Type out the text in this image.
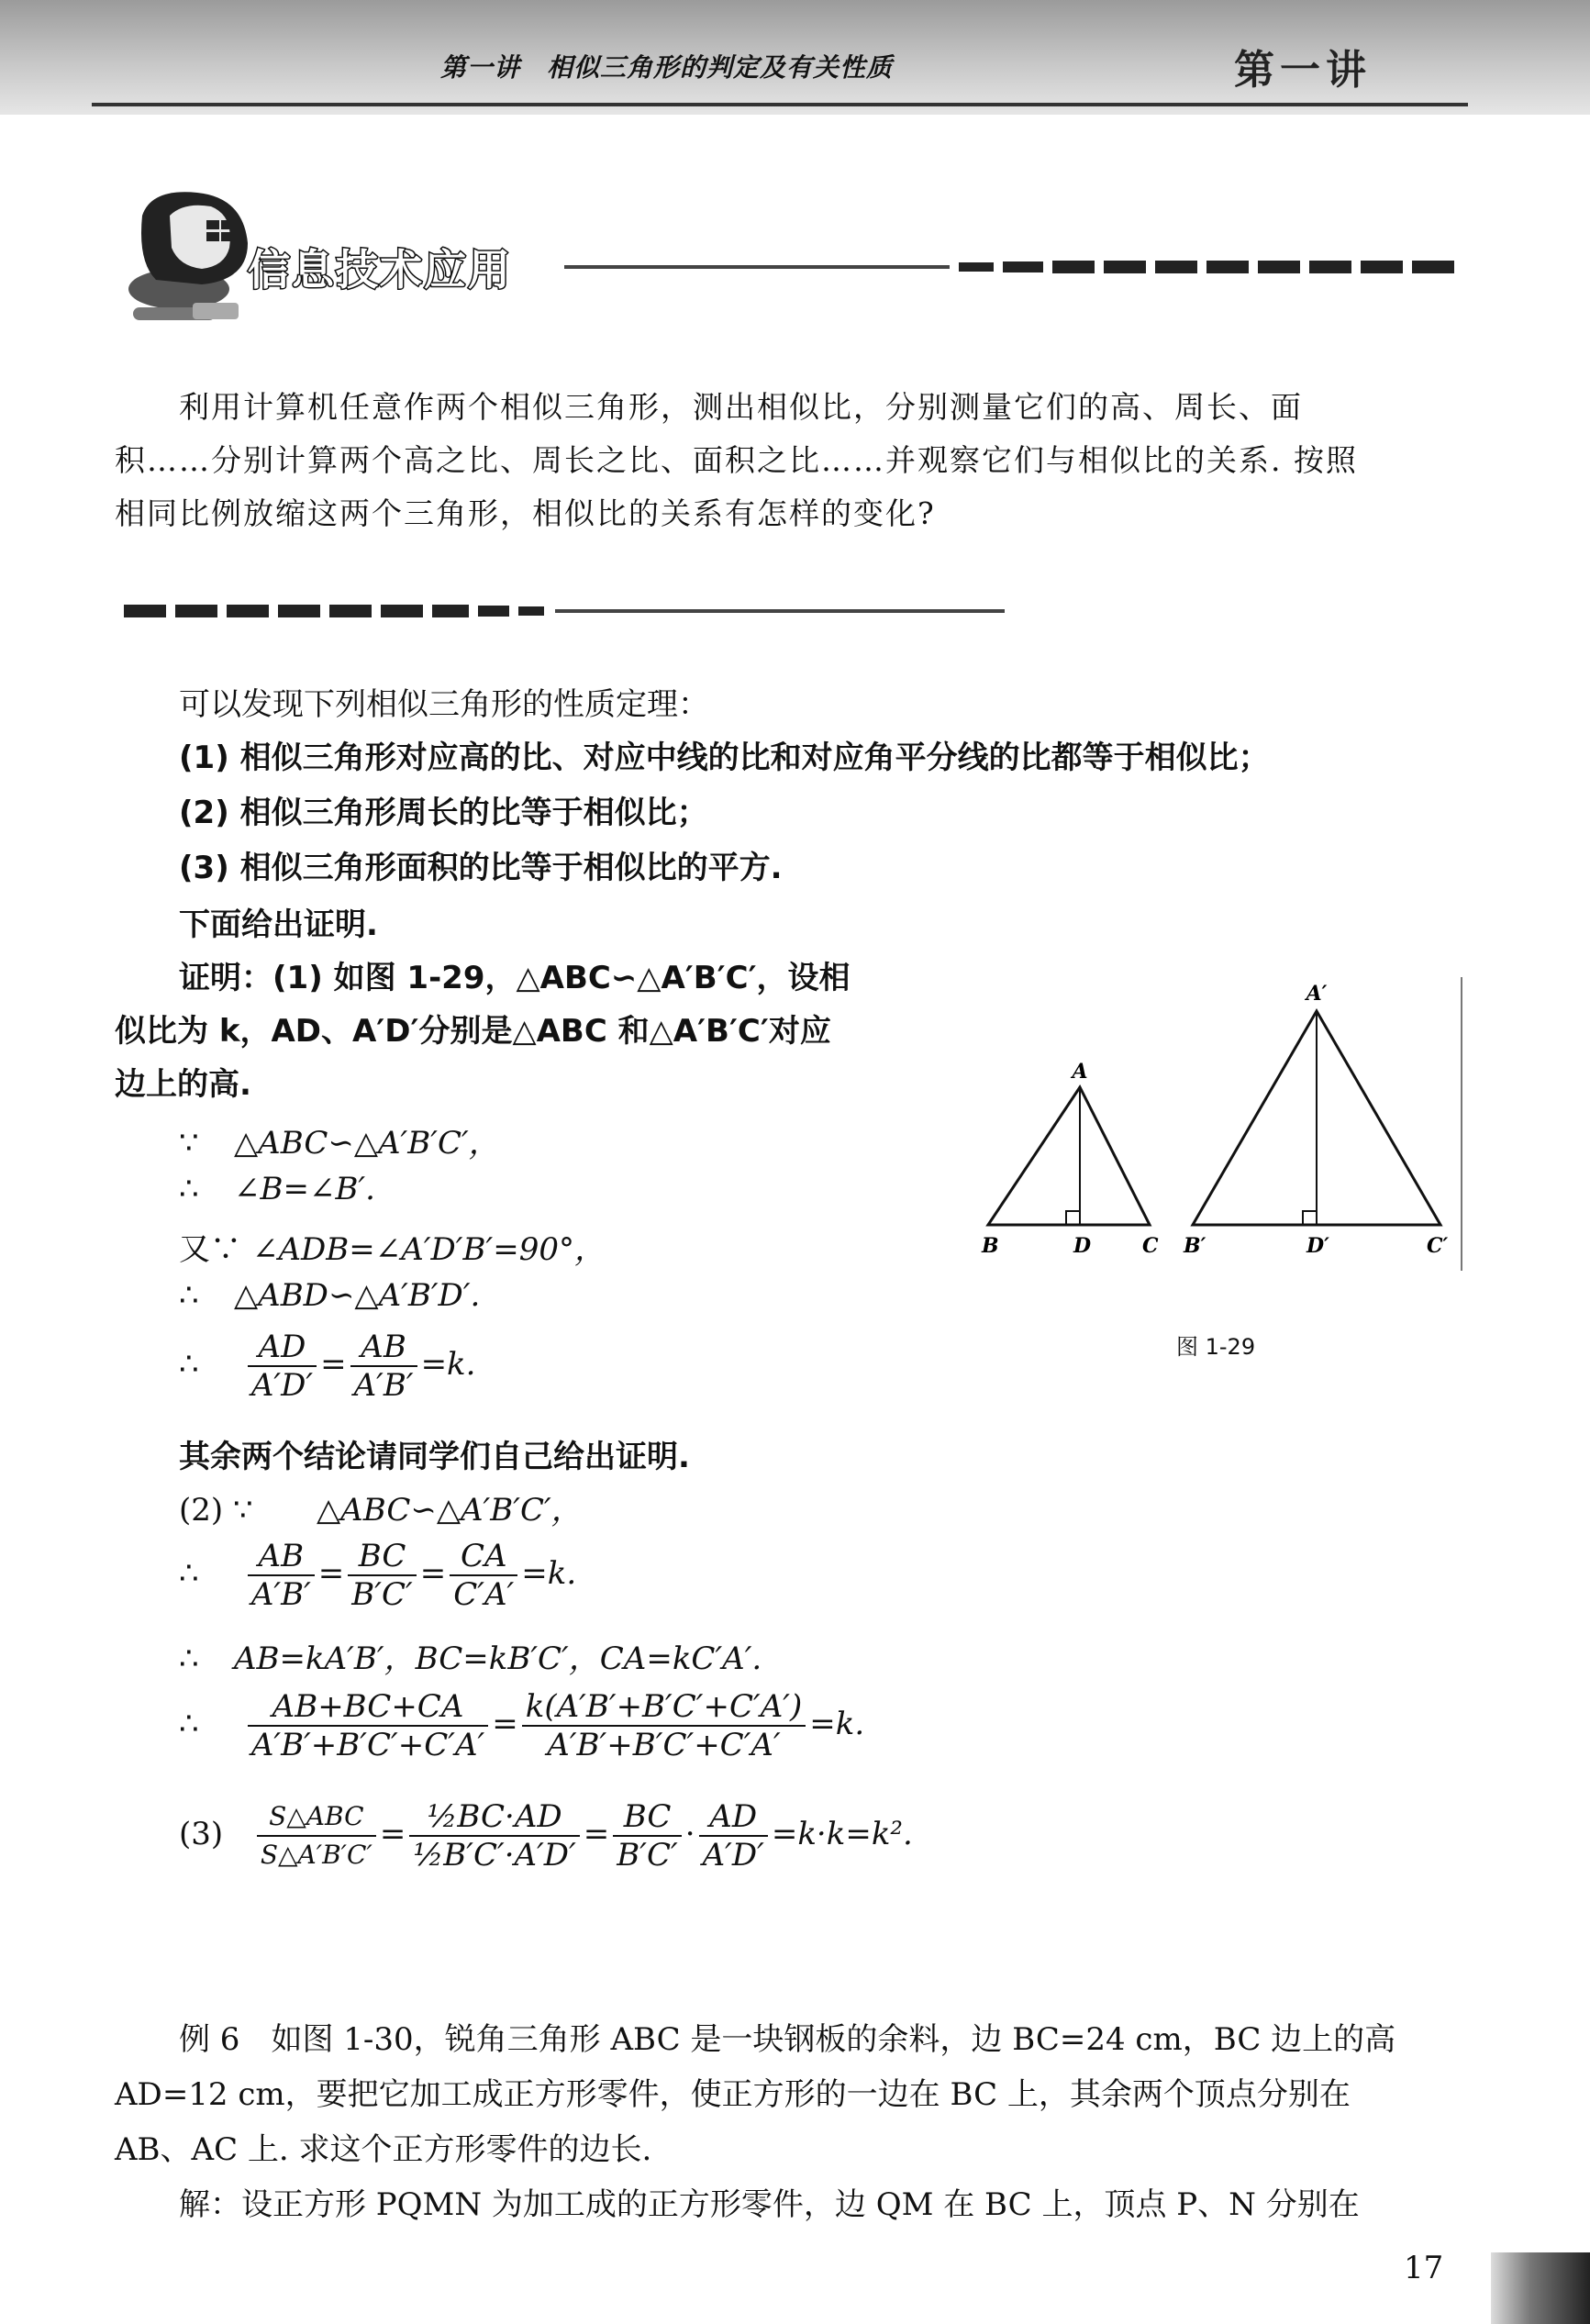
第一讲　相似三角形的判定及有关性质	第一讲
信息技术应用
利用计算机任意作两个相似三角形，测出相似比，分别测量它们的高、周长、面
积……分别计算两个高之比、周长之比、面积之比……并观察它们与相似比的关系. 按照
相同比例放缩这两个三角形，相似比的关系有怎样的变化?
可以发现下列相似三角形的性质定理：
(1) 相似三角形对应高的比、对应中线的比和对应角平分线的比都等于相似比；
(2) 相似三角形周长的比等于相似比；
(3) 相似三角形面积的比等于相似比的平方.
下面给出证明.
证明：(1) 如图 1-29，△ABC∽△A′B′C′，设相
似比为 k，AD、A′D′分别是△ABC 和△A′B′C′对应
边上的高.
∵ △ABC∽△A′B′C′，
∴ ∠B=∠B′.
又∵ ∠ADB=∠A′D′B′=90°，
∴ △ABD∽△A′B′D′.
∴ $\frac{AD}{A'D'} = \frac{AB}{A'B'} =k$.
其余两个结论请同学们自己给出证明.
(2) ∵ △ABC∽△A′B′C′，
∴ $\frac{AB}{A'B'} = \frac{BC}{B'C'} = \frac{CA}{C'A'} =k$.
∴ AB=kA′B′，BC=kB′C′，CA=kC′A′.
∴ $\frac{AB+BC+CA}{A'B'+B'C'+C'A'} = \frac{k(A'B'+B'C'+C'A')}{A'B'+B'C'+C'A'} =k$.
$(3) \frac{\text{S△ABC}}{S\triangle A'B'C'} = \frac{\text{½BC·AD}}{\text{½B′C′·A′D′}} = \frac{BC}{B'C'} \cdot \frac{AD}{A'D'} =k\cdot k=k^2$.
例 6　如图 1-30，锐角三角形 ABC 是一块钢板的余料，边 BC=24 cm，BC 边上的高
AD=12 cm，要把它加工成正方形零件，使正方形的一边在 BC 上，其余两个顶点分别在
AB、AC 上. 求这个正方形零件的边长.
解：设正方形 PQMN 为加工成的正方形零件，边 QM 在 BC 上，顶点 P、N 分别在
A
B	D	C
A′
B′	D′	C′
图 1-29
17
